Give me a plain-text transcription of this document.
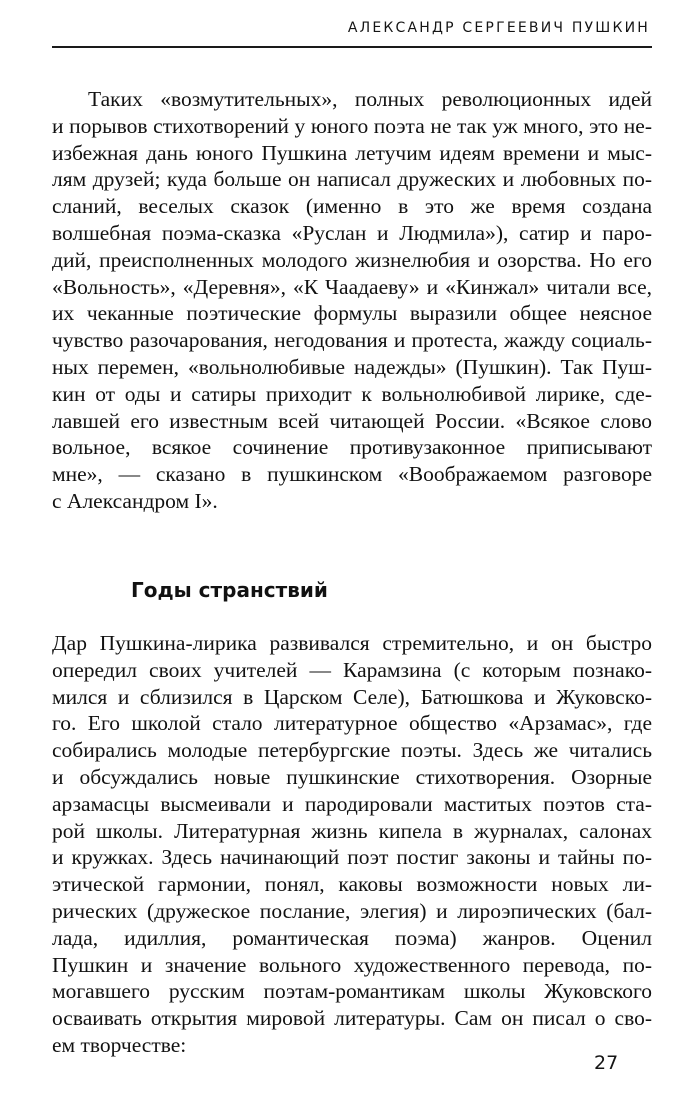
АЛЕКСАНДР СЕРГЕЕВИЧ ПУШКИН
Таких «возмутительных», полных революционных идей
и порывов стихотворений у юного поэта не так уж много, это не-
избежная дань юного Пушкина летучим идеям времени и мыс-
лям друзей; куда больше он написал дружеских и любовных по-
сланий, веселых сказок (именно в это же время создана
волшебная поэма-сказка «Руслан и Людмила»), сатир и паро-
дий, преисполненных молодого жизнелюбия и озорства. Но его
«Вольность», «Деревня», «К Чаадаеву» и «Кинжал» читали все,
их чеканные поэтические формулы выразили общее неясное
чувство разочарования, негодования и протеста, жажду социаль-
ных перемен, «вольнолюбивые надежды» (Пушкин). Так Пуш-
кин от оды и сатиры приходит к вольнолюбивой лирике, сде-
лавшей его известным всей читающей России. «Всякое слово
вольное, всякое сочинение противузаконное приписывают
мне», — сказано в пушкинском «Воображаемом разговоре
с Александром I».
Годы странствий
Дар Пушкина-лирика развивался стремительно, и он быстро
опередил своих учителей — Карамзина (с которым познако-
мился и сблизился в Царском Селе), Батюшкова и Жуковско-
го. Его школой стало литературное общество «Арзамас», где
собирались молодые петербургские поэты. Здесь же читались
и обсуждались новые пушкинские стихотворения. Озорные
арзамасцы высмеивали и пародировали маститых поэтов ста-
рой школы. Литературная жизнь кипела в журналах, салонах
и кружках. Здесь начинающий поэт постиг законы и тайны по-
этической гармонии, понял, каковы возможности новых ли-
рических (дружеское послание, элегия) и лироэпических (бал-
лада, идиллия, романтическая поэма) жанров. Оценил
Пушкин и значение вольного художественного перевода, по-
могавшего русским поэтам-романтикам школы Жуковского
осваивать открытия мировой литературы. Сам он писал о сво-
ем творчестве:
27
